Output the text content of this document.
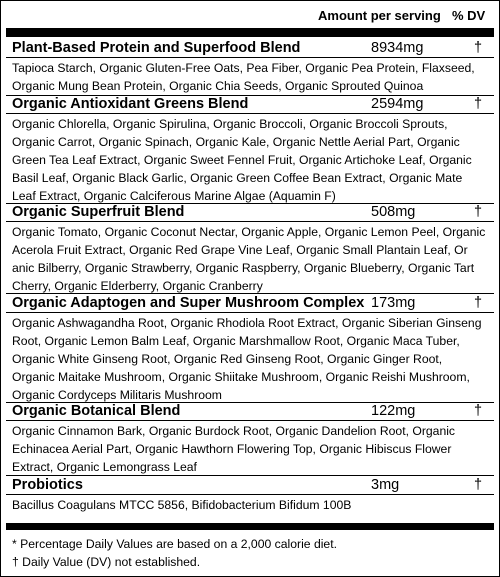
Amount per serving % DV
Plant-Based Protein and Superfood Blend	8934mg	†
Tapioca Starch, Organic Gluten-Free Oats, Pea Fiber, Organic Pea Protein, Flaxseed, Organic Mung Bean Protein, Organic Chia Seeds, Organic Sprouted Quinoa
Organic Antioxidant Greens Blend	2594mg	†
Organic Chlorella, Organic Spirulina, Organic Broccoli, Organic Broccoli Sprouts, Organic Carrot, Organic Spinach, Organic Kale, Organic Nettle Aerial Part, Organic Green Tea Leaf Extract, Organic Sweet Fennel Fruit, Organic Artichoke Leaf, Organic Basil Leaf, Organic Black Garlic, Organic Green Coffee Bean Extract, Organic Mate Leaf Extract, Organic Calciferous Marine Algae (Aquamin F)
Organic Superfruit Blend	508mg	†
Organic Tomato, Organic Coconut Nectar, Organic Apple, Organic Lemon Peel, Organic Acerola Fruit Extract, Organic Red Grape Vine Leaf, Organic Small Plantain Leaf, Or anic Bilberry, Organic Strawberry, Organic Raspberry, Organic Blueberry, Organic Tart Cherry, Organic Elderberry, Organic Cranberry
Organic Adaptogen and Super Mushroom Complex 173mg	†
Organic Ashwagandha Root, Organic Rhodiola Root Extract, Organic Siberian Ginseng Root, Organic Lemon Balm Leaf, Organic Marshmallow Root, Organic Maca Tuber, Organic White Ginseng Root, Organic Red Ginseng Root, Organic Ginger Root, Organic Maitake Mushroom, Organic Shiitake Mushroom, Organic Reishi Mushroom, Organic Cordyceps Militaris Mushroom
Organic Botanical Blend	122mg	†
Organic Cinnamon Bark, Organic Burdock Root, Organic Dandelion Root, Organic Echinacea Aerial Part, Organic Hawthorn Flowering Top, Organic Hibiscus Flower Extract, Organic Lemongrass Leaf
Probiotics	3mg	†
Bacillus Coagulans MTCC 5856, Bifidobacterium Bifidum 100B
* Percentage Daily Values are based on a 2,000 calorie diet.
† Daily Value (DV) not established.
